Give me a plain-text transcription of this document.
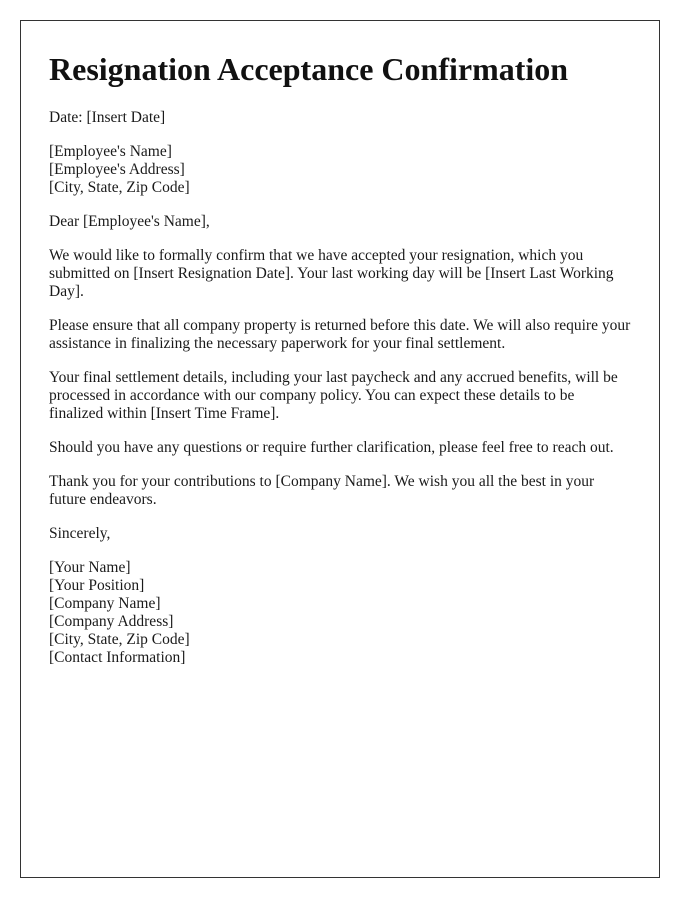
Resignation Acceptance Confirmation

Date: [Insert Date]

[Employee's Name]
[Employee's Address]
[City, State, Zip Code]

Dear [Employee's Name],

We would like to formally confirm that we have accepted your resignation, which you submitted on [Insert Resignation Date]. Your last working day will be [Insert Last Working Day].

Please ensure that all company property is returned before this date. We will also require your assistance in finalizing the necessary paperwork for your final settlement.

Your final settlement details, including your last paycheck and any accrued benefits, will be processed in accordance with our company policy. You can expect these details to be finalized within [Insert Time Frame].

Should you have any questions or require further clarification, please feel free to reach out.

Thank you for your contributions to [Company Name]. We wish you all the best in your future endeavors.

Sincerely,

[Your Name]
[Your Position]
[Company Name]
[Company Address]
[City, State, Zip Code]
[Contact Information]
